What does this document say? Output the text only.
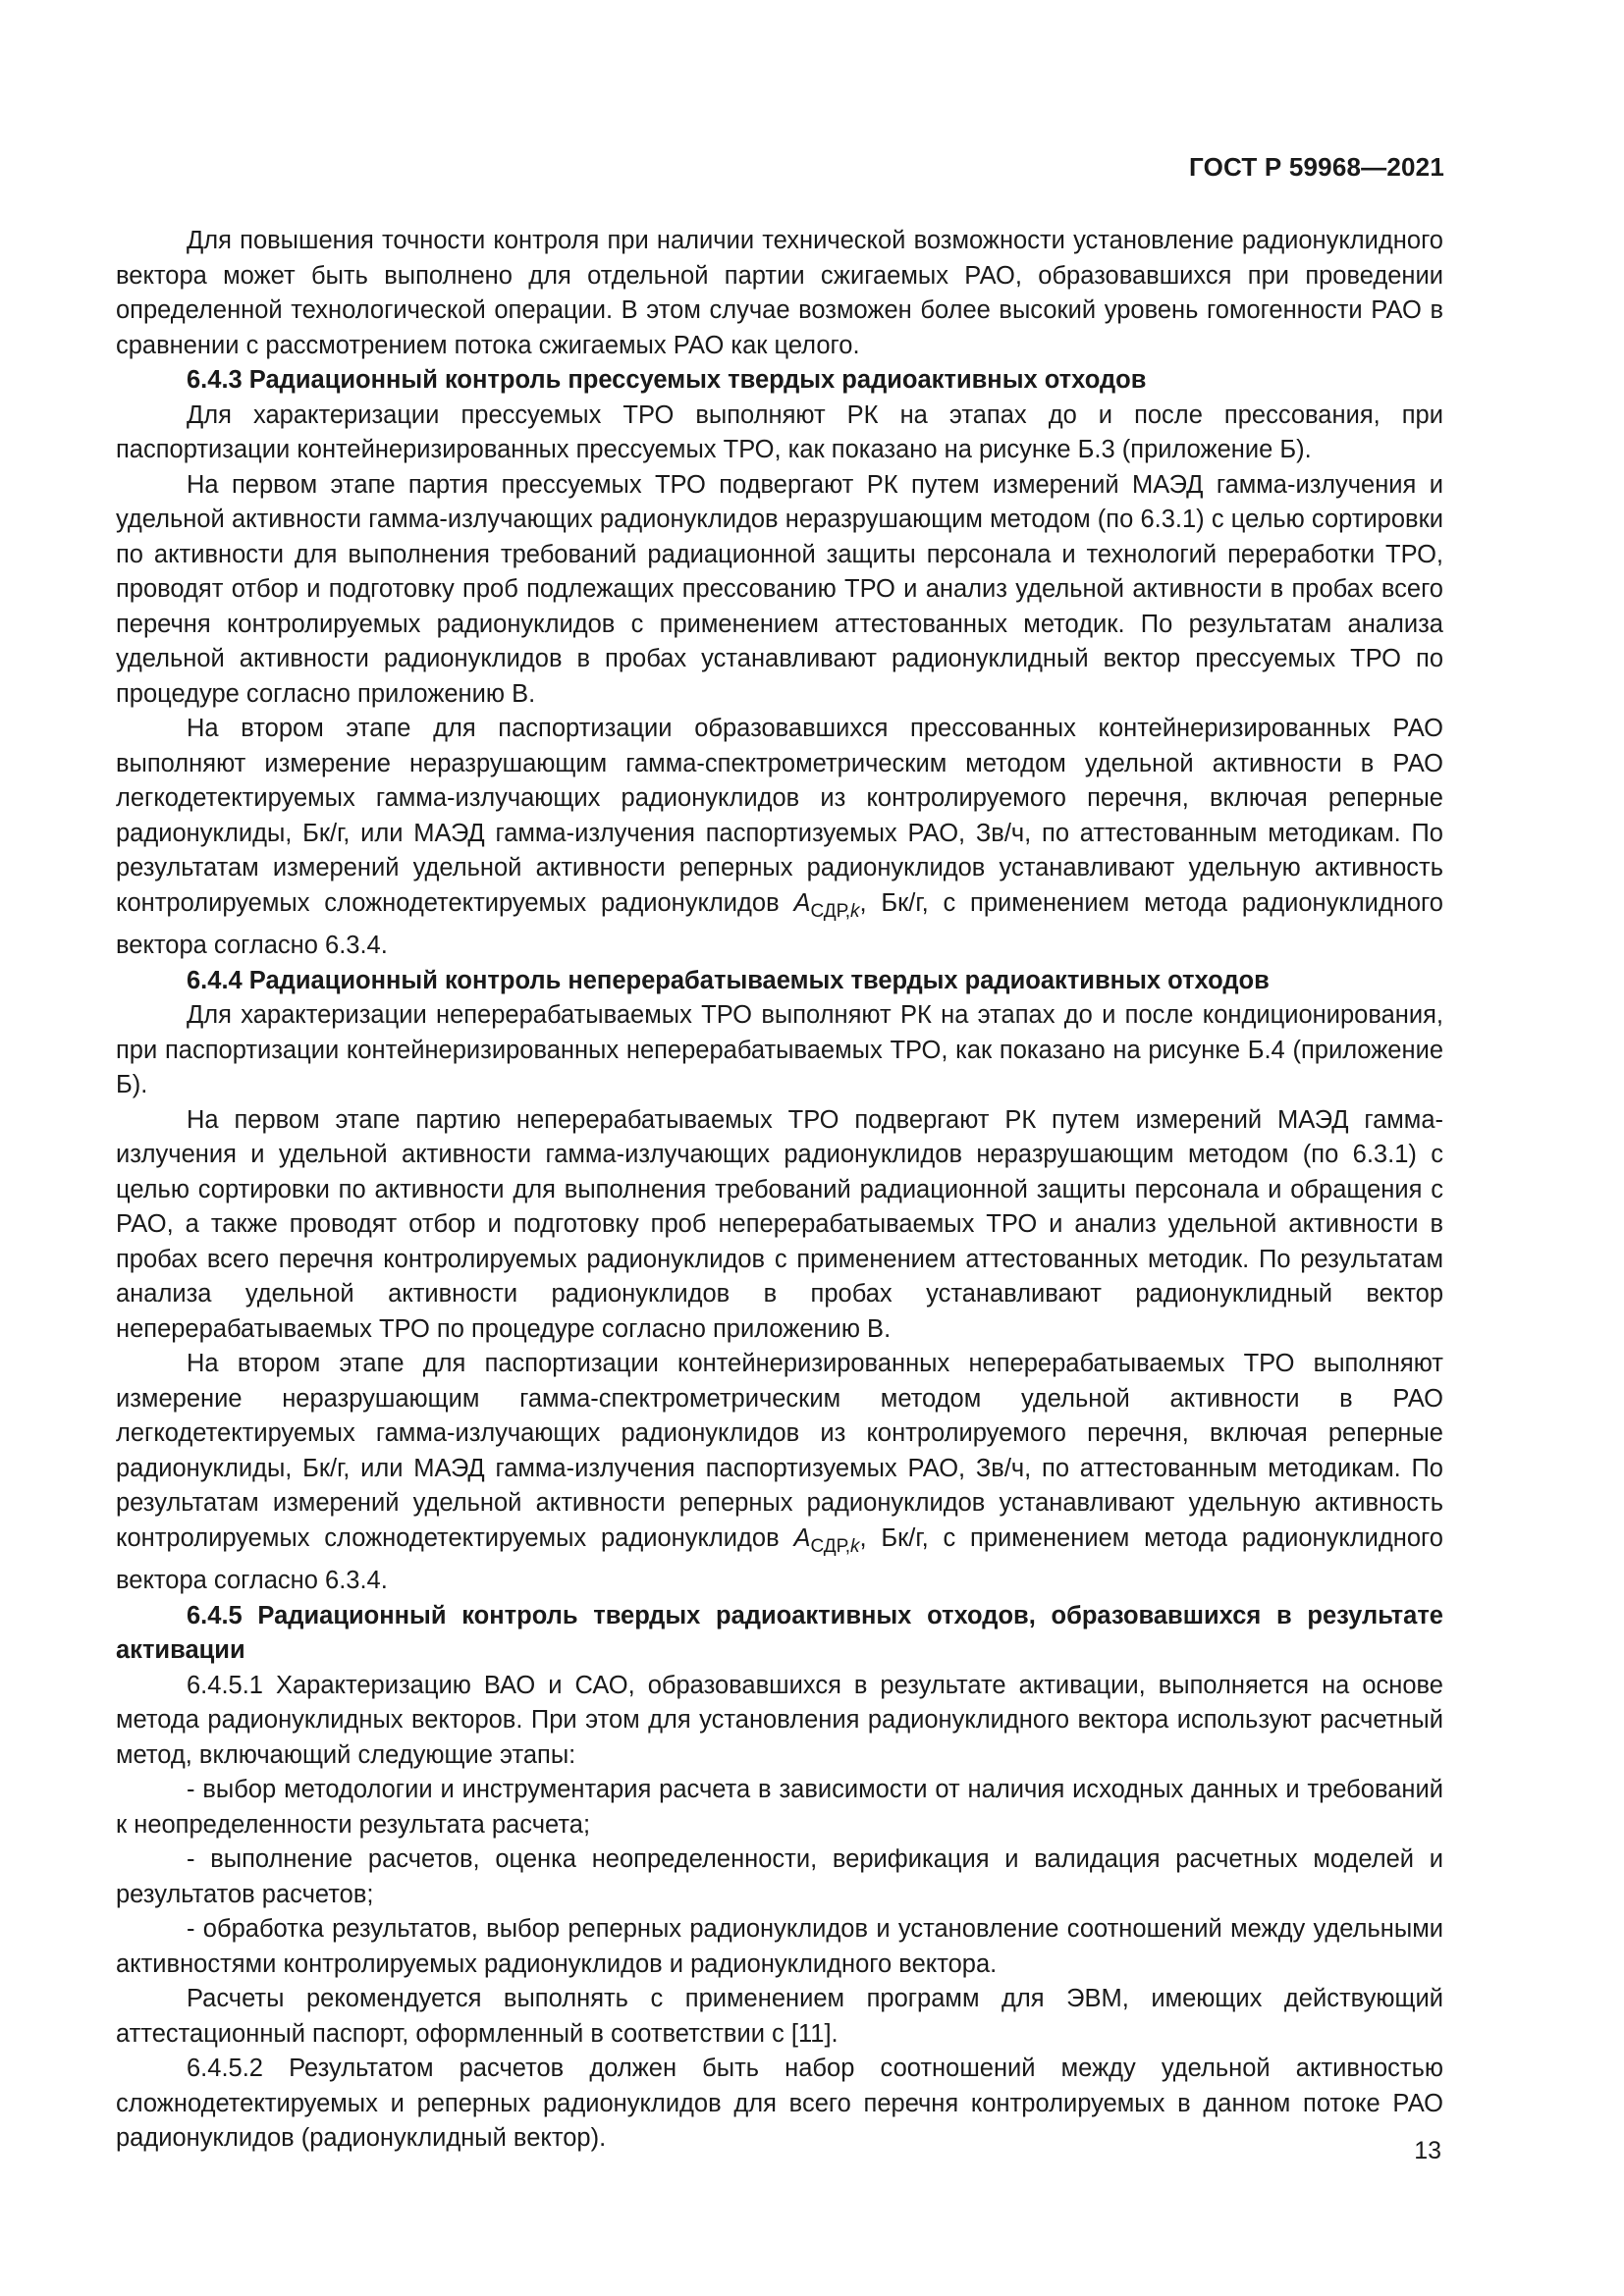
ГОСТ Р 59968—2021

Для повышения точности контроля при наличии технической возможности установление радионуклидного вектора может быть выполнено для отдельной партии сжигаемых РАО, образовавшихся при проведении определенной технологической операции. В этом случае возможен более высокий уровень гомогенности РАО в сравнении с рассмотрением потока сжигаемых РАО как целого.

6.4.3 Радиационный контроль прессуемых твердых радиоактивных отходов

Для характеризации прессуемых ТРО выполняют РК на этапах до и после прессования, при паспортизации контейнеризированных прессуемых ТРО, как показано на рисунке Б.3 (приложение Б).

На первом этапе партия прессуемых ТРО подвергают РК путем измерений МАЭД гамма-излучения и удельной активности гамма-излучающих радионуклидов неразрушающим методом (по 6.3.1) с целью сортировки по активности для выполнения требований радиационной защиты персонала и технологий переработки ТРО, проводят отбор и подготовку проб подлежащих прессованию ТРО и анализ удельной активности в пробах всего перечня контролируемых радионуклидов с применением аттестованных методик. По результатам анализа удельной активности радионуклидов в пробах устанавливают радионуклидный вектор прессуемых ТРО по процедуре согласно приложению В.

На втором этапе для паспортизации образовавшихся прессованных контейнеризированных РАО выполняют измерение неразрушающим гамма-спектрометрическим методом удельной активности в РАО легкодетектируемых гамма-излучающих радионуклидов из контролируемого перечня, включая реперные радионуклиды, Бк/г, или МАЭД гамма-излучения паспортизуемых РАО, Зв/ч, по аттестованным методикам. По результатам измерений удельной активности реперных радионуклидов устанавливают удельную активность контролируемых сложнодетектируемых радионуклидов $A_{СДР,k}$, Бк/г, с применением метода радионуклидного вектора согласно 6.3.4.

6.4.4 Радиационный контроль неперерабатываемых твердых радиоактивных отходов

Для характеризации неперерабатываемых ТРО выполняют РК на этапах до и после кондиционирования, при паспортизации контейнеризированных неперерабатываемых ТРО, как показано на рисунке Б.4 (приложение Б).

На первом этапе партию неперерабатываемых ТРО подвергают РК путем измерений МАЭД гамма-излучения и удельной активности гамма-излучающих радионуклидов неразрушающим методом (по 6.3.1) с целью сортировки по активности для выполнения требований радиационной защиты персонала и обращения с РАО, а также проводят отбор и подготовку проб неперерабатываемых ТРО и анализ удельной активности в пробах всего перечня контролируемых радионуклидов с применением аттестованных методик. По результатам анализа удельной активности радионуклидов в пробах устанавливают радионуклидный вектор неперерабатываемых ТРО по процедуре согласно приложению В.

На втором этапе для паспортизации контейнеризированных неперерабатываемых ТРО выполняют измерение неразрушающим гамма-спектрометрическим методом удельной активности в РАО легкодетектируемых гамма-излучающих радионуклидов из контролируемого перечня, включая реперные радионуклиды, Бк/г, или МАЭД гамма-излучения паспортизуемых РАО, Зв/ч, по аттестованным методикам. По результатам измерений удельной активности реперных радионуклидов устанавливают удельную активность контролируемых сложнодетектируемых радионуклидов $A_{СДР,k}$, Бк/г, с применением метода радионуклидного вектора согласно 6.3.4.

6.4.5 Радиационный контроль твердых радиоактивных отходов, образовавшихся в результате активации

6.4.5.1 Характеризацию ВАО и САО, образовавшихся в результате активации, выполняется на основе метода радионуклидных векторов. При этом для установления радионуклидного вектора используют расчетный метод, включающий следующие этапы:

- выбор методологии и инструментария расчета в зависимости от наличия исходных данных и требований к неопределенности результата расчета;

- выполнение расчетов, оценка неопределенности, верификация и валидация расчетных моделей и результатов расчетов;

- обработка результатов, выбор реперных радионуклидов и установление соотношений между удельными активностями контролируемых радионуклидов и радионуклидного вектора.

Расчеты рекомендуется выполнять с применением программ для ЭВМ, имеющих действующий аттестационный паспорт, оформленный в соответствии с [11].

6.4.5.2 Результатом расчетов должен быть набор соотношений между удельной активностью сложнодетектируемых и реперных радионуклидов для всего перечня контролируемых в данном потоке РАО радионуклидов (радионуклидный вектор).	13
